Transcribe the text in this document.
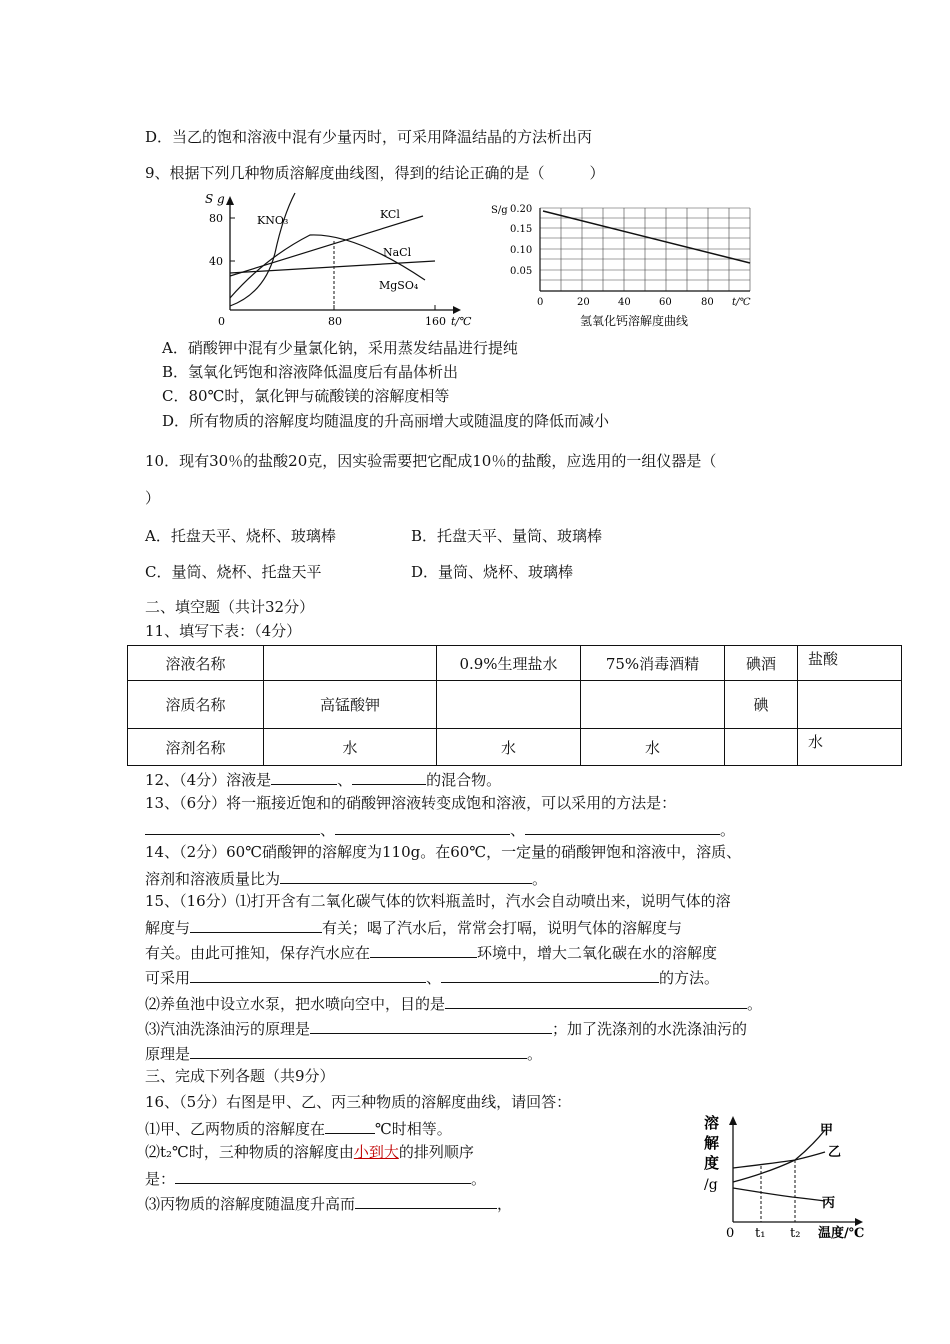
D．当乙的饱和溶液中混有少量丙时，可采用降温结晶的方法析出丙
9、根据下列几种物质溶解度曲线图，得到的结论正确的是（　　　）
S g
80
40
0	80	160 t/℃
KNO₃	KCl
NaCl
MgSO₄
S/g 0.20
0.15
0.10
0.05
0	20	40	60	80 t/℃
氢氧化钙溶解度曲线
A．硝酸钾中混有少量氯化钠，采用蒸发结晶进行提纯
B．氢氧化钙饱和溶液降低温度后有晶体析出
C．80℃时，氯化钾与硫酸镁的溶解度相等
D．所有物质的溶解度均随温度的升高丽增大或随温度的降低而减小
10．现有30％的盐酸20克，因实验需要把它配成10％的盐酸，应选用的一组仪器是（
）
A．托盘天平、烧杯、玻璃棒	B．托盘天平、量筒、玻璃棒
C．量筒、烧杯、托盘天平	D．量筒、烧杯、玻璃棒
二、填空题（共计32分）
11、填写下表：（4分）
溶液名称		0.9%生理盐水	75%消毒酒精	碘酒	盐酸
溶质名称	高锰酸钾			碘	
溶剂名称	水	水	水		水
12、（4分）溶液是	、	的混合物。
13、（6分）将一瓶接近饱和的硝酸钾溶液转变成饱和溶液，可以采用的方法是：
、	、	。
14、（2分）60℃硝酸钾的溶解度为110g。在60℃，一定量的硝酸钾饱和溶液中，溶质、
溶剂和溶液质量比为	。
15、（16分）⑴打开含有二氧化碳气体的饮料瓶盖时，汽水会自动喷出来，说明气体的溶
解度与	有关；喝了汽水后，常常会打嗝，说明气体的溶解度与
有关。由此可推知，保存汽水应在	环境中，增大二氧化碳在水的溶解度
可采用	、	的方法。
⑵养鱼池中设立水泵，把水喷向空中，目的是	。
⑶汽油洗涤油污的原理是	；加了洗涤剂的水洗涤油污的
原理是	。
三、完成下列各题（共9分）
16、（5分）右图是甲、乙、丙三种物质的溶解度曲线，请回答：
⑴甲、乙两物质的溶解度在	℃时相等。
⑵t₂℃时，三种物质的溶解度由小到大的排列顺序
是：	。
⑶丙物质的溶解度随温度升高而	，
溶
解
度
/g
甲
乙
丙
0 t₁ t₂ 温度/℃
